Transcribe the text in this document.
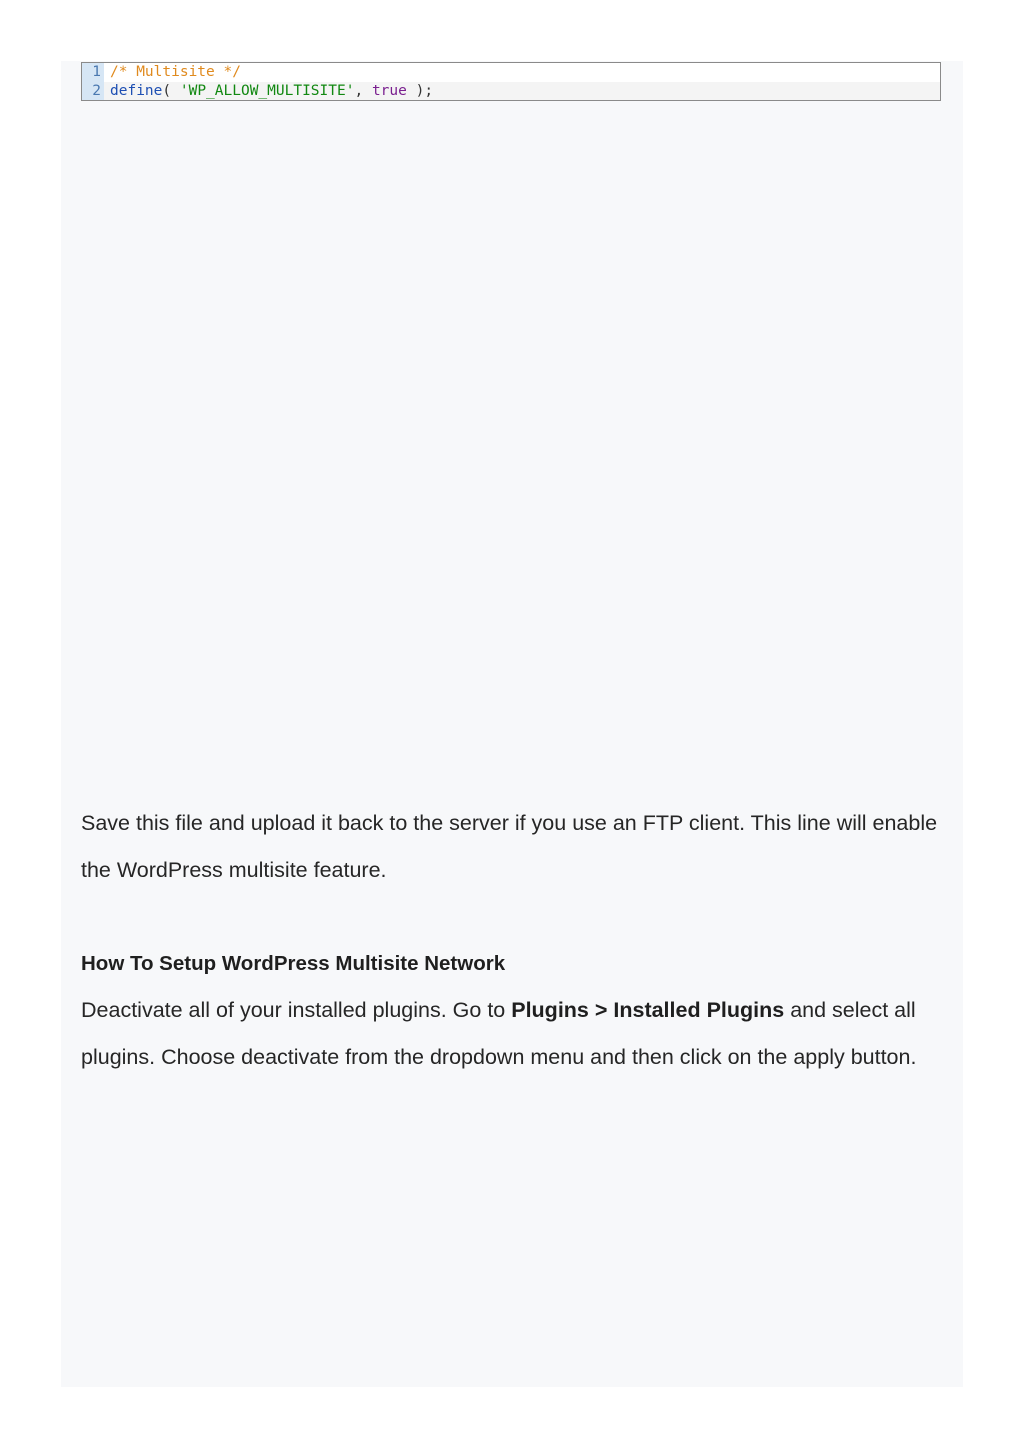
1 /* Multisite */
2 define( 'WP_ALLOW_MULTISITE', true );

Save this file and upload it back to the server if you use an FTP client. This line will enable the WordPress multisite feature.

How To Setup WordPress Multisite Network

Deactivate all of your installed plugins. Go to Plugins > Installed Plugins and select all plugins. Choose deactivate from the dropdown menu and then click on the apply button.
